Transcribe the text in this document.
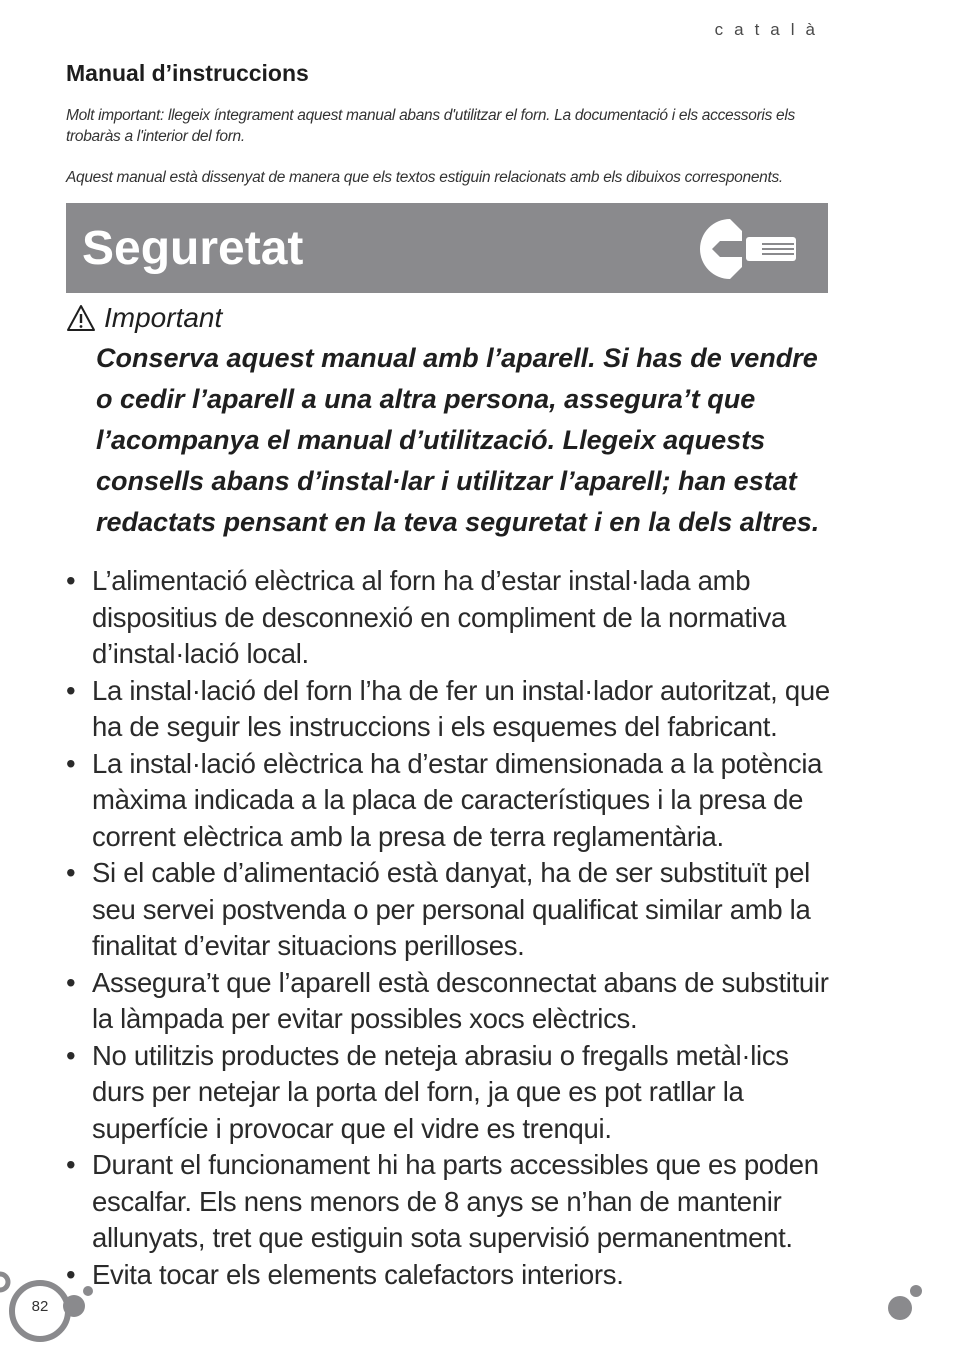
català
Manual d’instruccions

Molt important: llegeix íntegrament aquest manual abans d'utilitzar el forn. La documentació i els accessoris els trobaràs a l'interior del forn.

Aquest manual està dissenyat de manera que els textos estiguin relacionats amb els dibuixos corresponents.

Seguretat
Important

Conserva aquest manual amb l’aparell. Si has de vendre o cedir l’aparell a una altra persona, assegura’t que l’acompanya el manual d’utilització. Llegeix aquests consells abans d’instal·lar i utilitzar l’aparell; han estat redactats pensant en la teva seguretat i en la dels altres.

• L’alimentació elèctrica al forn ha d’estar instal·lada amb dispositius de desconnexió en compliment de la normativa d’instal·lació local.
• La instal·lació del forn l’ha de fer un instal·lador autoritzat, que ha de seguir les instruccions i els esquemes del fabricant.
• La instal·lació elèctrica ha d’estar dimensionada a la potència màxima indicada a la placa de característiques i la presa de corrent elèctrica amb la presa de terra reglamentària.
• Si el cable d’alimentació està danyat, ha de ser substituït pel seu servei postvenda o per personal qualificat similar amb la finalitat d’evitar situacions perilloses.
• Assegura’t que l’aparell està desconnectat abans de substituir la làmpada per evitar possibles xocs elèctrics.
• No utilitzis productes de neteja abrasiu o fregalls metàl·lics durs per netejar la porta del forn, ja que es pot ratllar la superfície i provocar que el vidre es trenqui.
• Durant el funcionament hi ha parts accessibles que es poden escalfar. Els nens menors de 8 anys se n’han de mantenir allunyats, tret que estiguin sota supervisió permanentment.
• Evita tocar els elements calefactors interiors.
82
